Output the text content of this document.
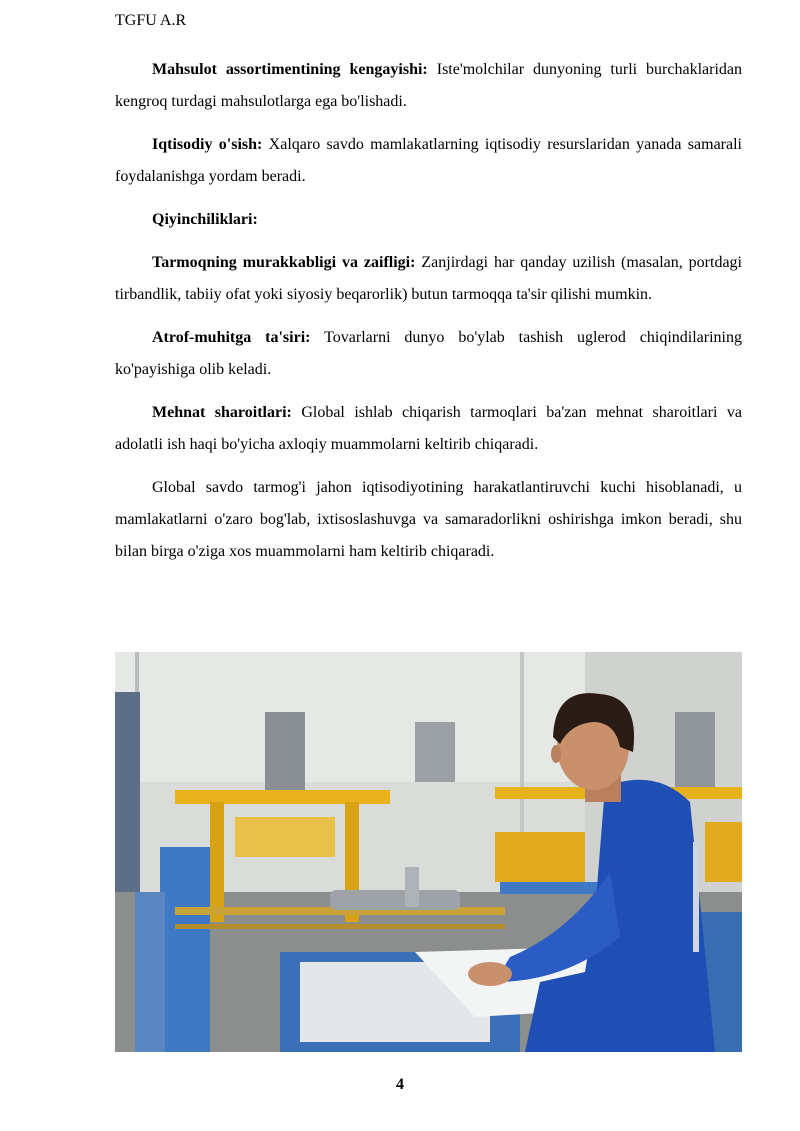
TGFU A.R

Mahsulot assortimentining kengayishi: Iste'molchilar dunyoning turli burchaklaridan kengroq turdagi mahsulotlarga ega bo'lishadi.

Iqtisodiy o'sish: Xalqaro savdo mamlakatlarning iqtisodiy resurslaridan yanada samarali foydalanishga yordam beradi.

Qiyinchiliklari:

Tarmoqning murakkabligi va zaifligi: Zanjirdagi har qanday uzilish (masalan, portdagi tirbandlik, tabiiy ofat yoki siyosiy beqarorlik) butun tarmoqqa ta'sir qilishi mumkin.

Atrof-muhitga ta'siri: Tovarlarni dunyo bo'ylab tashish uglerod chiqindilarining ko'payishiga olib keladi.

Mehnat sharoitlari: Global ishlab chiqarish tarmoqlari ba'zan mehnat sharoitlari va adolatli ish haqi bo'yicha axloqiy muammolarni keltirib chiqaradi.

Global savdo tarmog'i jahon iqtisodiyotining harakatlantiruvchi kuchi hisoblanadi, u mamlakatlarni o'zaro bog'lab, ixtisoslashuvga va samaradorlikni oshirishga imkon beradi, shu bilan birga o'ziga xos muammolarni ham keltirib chiqaradi.

4
